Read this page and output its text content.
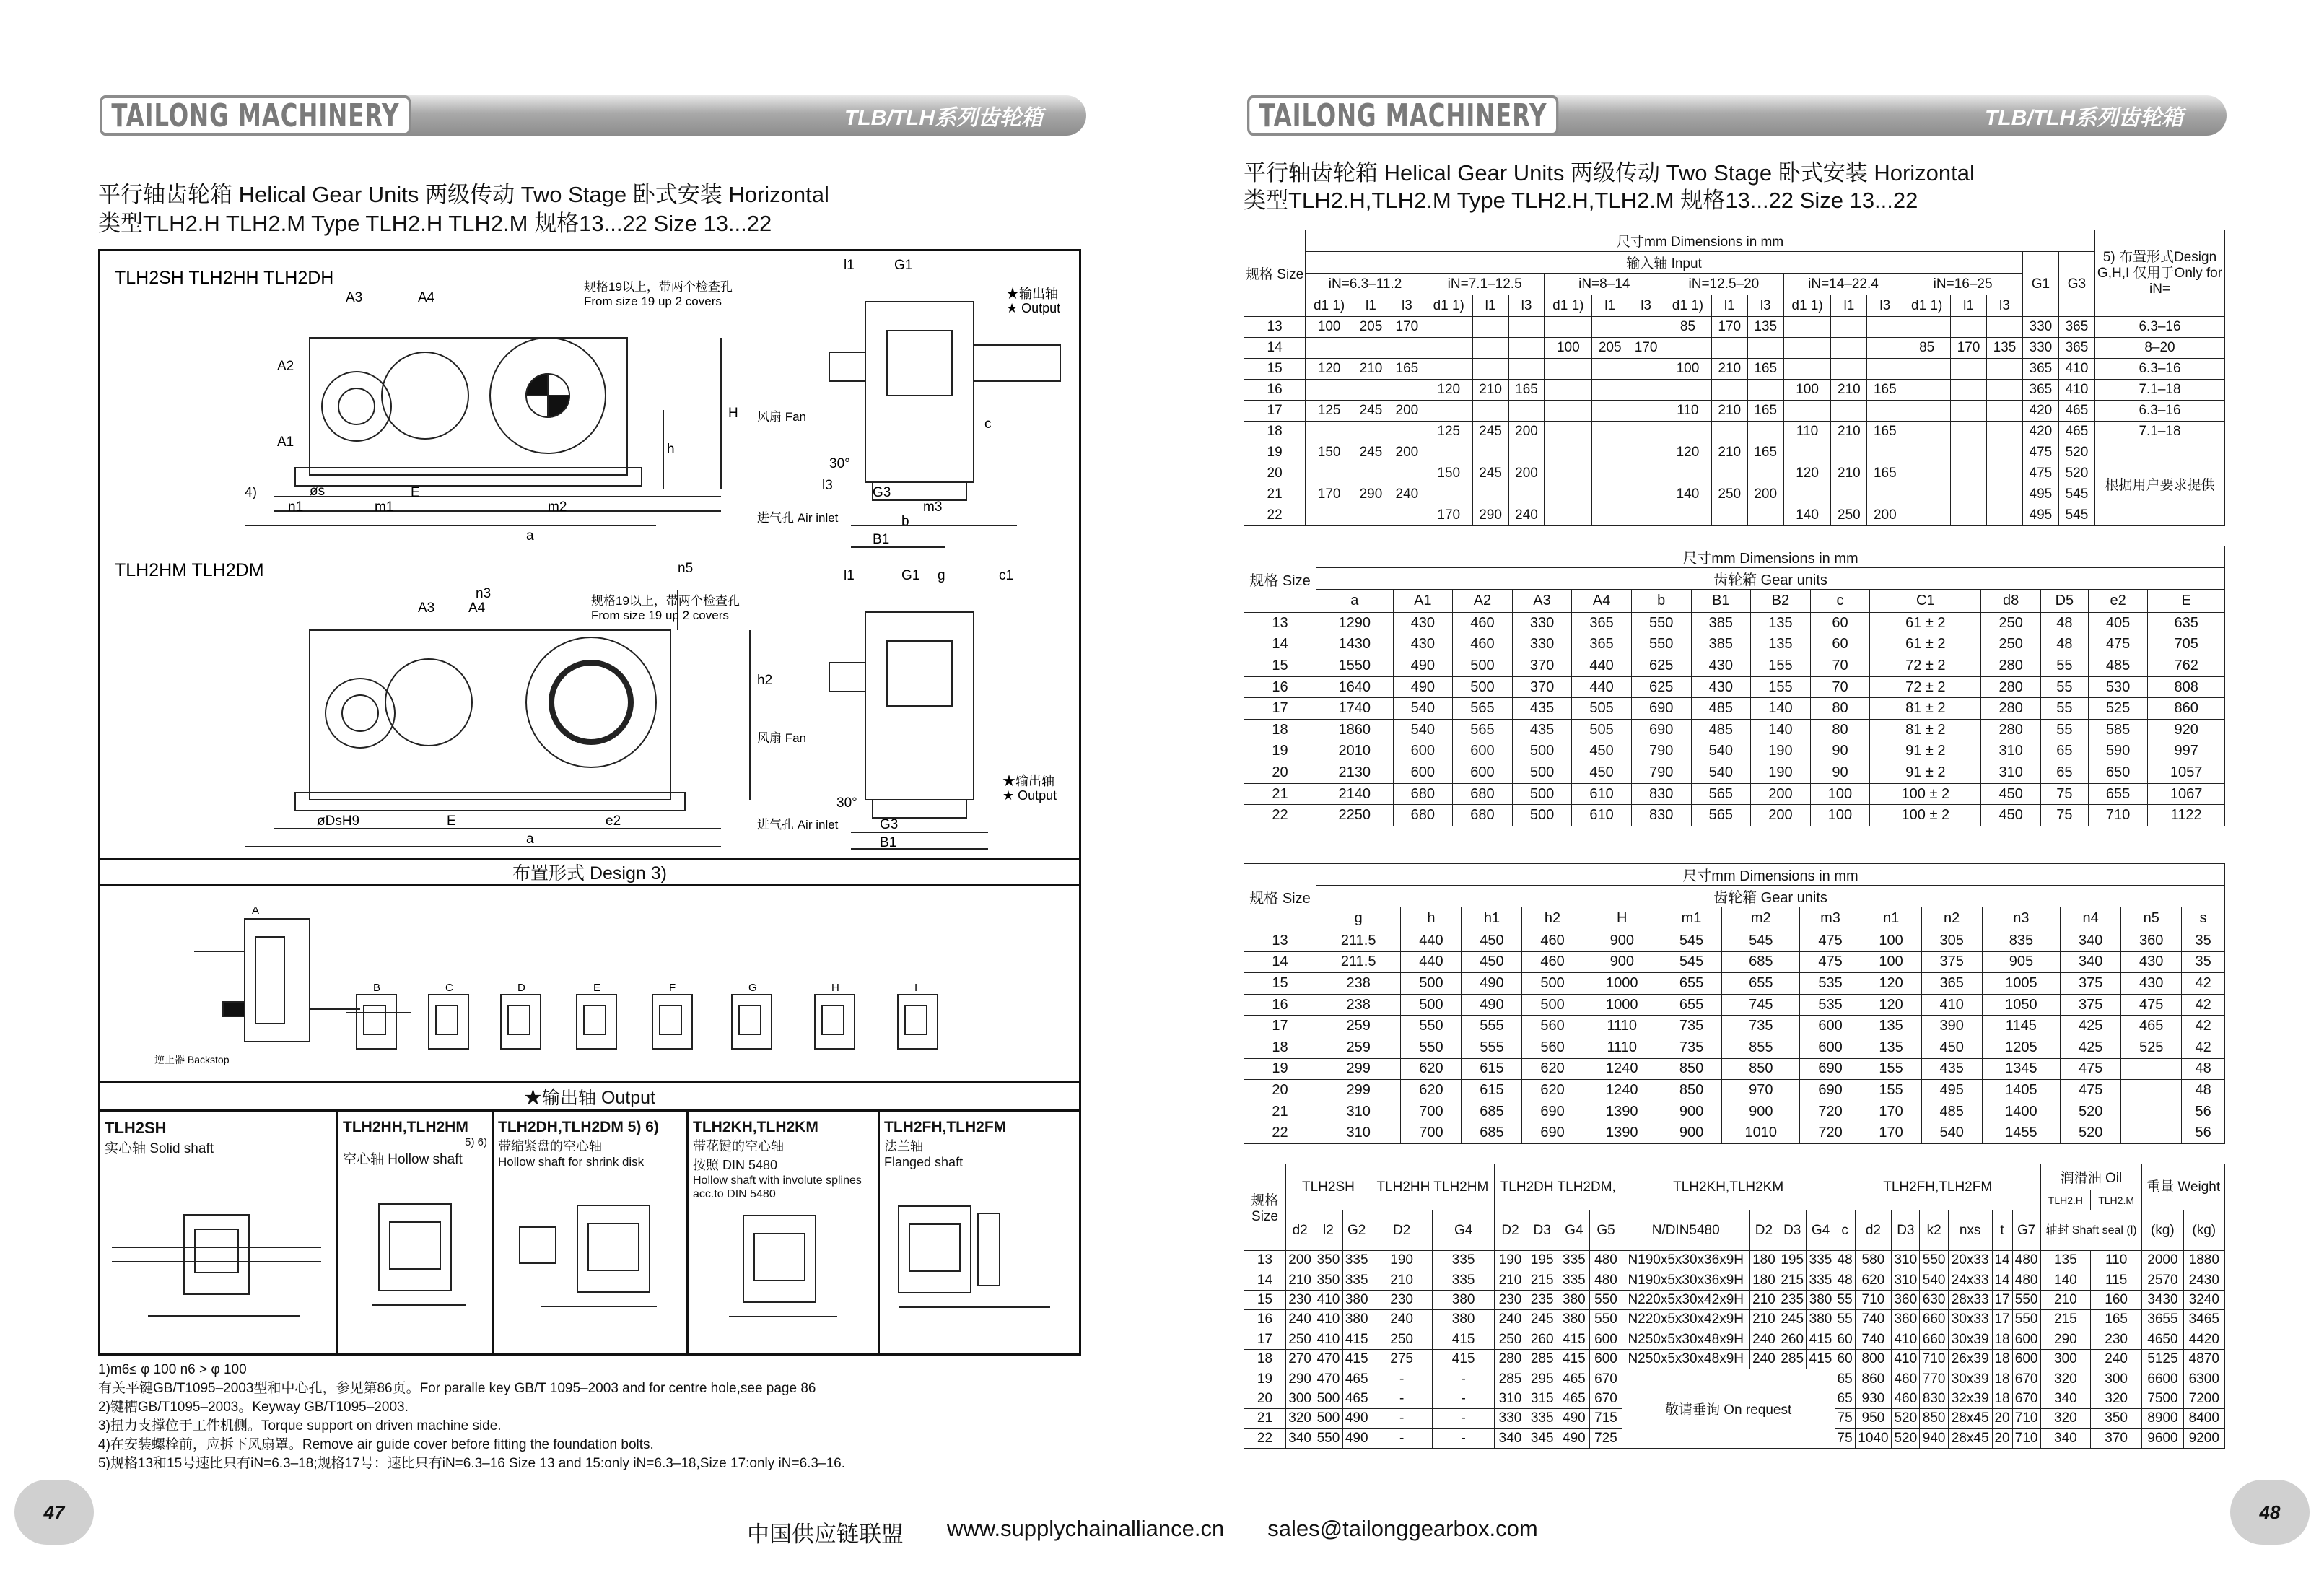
TLB/TLH系列齿轮箱
TAILONG MACHINERY	TLB/TLH系列齿轮箱
TAILONG MACHINERY
平行轴齿轮箱 Helical Gear Units 两级传动 Two Stage 卧式安装 Horizontal
类型TLH2.H TLH2.M Type TLH2.H TLH2.M 规格13...22 Size 13...22
TLH2SH TLH2HH TLH2DH
TLH2HM TLH2DM
规格19以上，带两个检查孔
From size 19 up 2 covers
规格19以上，带两个检查孔
From size 19 up 2 covers
★输出轴
★ Output
★输出轴
★ Output
风扇 Fan
进气孔 Air inlet
风扇 Fan
进气孔 Air inlet
E
m1	m2
n1
a
A3	A4
A2
A1
H
h
øs
4)
G1
l1
G3
B1
b
c
m3
30°
l3
n5
n3
A3 A4
h2
e2
E
a
øDsH9
G1 g	c1
l1
G3
B1
30°
布置形式 Design 3)
A
B	C	D	E	F	G	H	I
逆止器 Backstop
★输出轴 Output
TLH2SH
实心轴 Solid shaft
TLH2HH,TLH2HM
5) 6)
空心轴 Hollow shaft
TLH2DH,TLH2DM 5) 6)
带缩紧盘的空心轴
Hollow shaft for shrink disk
TLH2KH,TLH2KM
带花键的空心轴
按照 DIN 5480
Hollow shaft with involute splines acc.to DIN 5480
TLH2FH,TLH2FM
法兰轴
Flanged shaft
1)m6≤ φ 100 n6 > φ 100
有关平键GB/T1095–2003型和中心孔，参见第86页。For paralle key GB/T 1095–2003 and for centre hole,see page 86
2)键槽GB/T1095–2003。Keyway GB/T1095–2003.
3)扭力支撑位于工件机侧。Torque support on driven machine side.
4)在安装螺栓前，应拆下风扇罩。Remove air guide cover before fitting the foundation bolts.
5)规格13和15号速比只有iN=6.3–18;规格17号：速比只有iN=6.3–16 Size 13 and 15:only iN=6.3–18,Size 17:only iN=6.3–16.
47	48
平行轴齿轮箱 Helical Gear Units 两级传动 Two Stage 卧式安装 Horizontal
类型TLH2.H,TLH2.M Type TLH2.H,TLH2.M 规格13...22 Size 13...22
规格 Size	尺寸mm Dimensions in mm																				5) 布置形式Design G,H,I 仅用于Only for iN=
	输入轴 Input																		G1	G3	
	iN=6.3–11.2			iN=7.1–12.5			iN=8–14			iN=12.5–20			iN=14–22.4			iN=16–25					
	d1 1)	l1	l3	d1 1)	l1	l3	d1 1)	l1	l3	d1 1)	l1	l3	d1 1)	l1	l3	d1 1)	l1	l3			
13	100	205	170							85	170	135							330	365	6.3–16
14							100	205	170							85	170	135	330	365	8–20
15	120	210	165							100	210	165							365	410	6.3–16
16				120	210	165							100	210	165				365	410	7.1–18
17	125	245	200							110	210	165							420	465	6.3–16
18				125	245	200							110	210	165				420	465	7.1–18
19	150	245	200							120	210	165							475	520	根据用户要求提供
20				150	245	200							120	210	165				475	520	
21	170	290	240							140	250	200							495	545	
22				170	290	240							140	250	200				495	545	
规格 Size	尺寸mm Dimensions in mm													
	齿轮箱 Gear units													
	a	A1	A2	A3	A4	b	B1	B2	c	C1	d8	D5	e2	E
13	1290	430	460	330	365	550	385	135	60	61 ± 2	250	48	405	635
14	1430	430	460	330	365	550	385	135	60	61 ± 2	250	48	475	705
15	1550	490	500	370	440	625	430	155	70	72 ± 2	280	55	485	762
16	1640	490	500	370	440	625	430	155	70	72 ± 2	280	55	530	808
17	1740	540	565	435	505	690	485	140	80	81 ± 2	280	55	525	860
18	1860	540	565	435	505	690	485	140	80	81 ± 2	280	55	585	920
19	2010	600	600	500	450	790	540	190	90	91 ± 2	310	65	590	997
20	2130	600	600	500	450	790	540	190	90	91 ± 2	310	65	650	1057
21	2140	680	680	500	610	830	565	200	100	100 ± 2	450	75	655	1067
22	2250	680	680	500	610	830	565	200	100	100 ± 2	450	75	710	1122
规格 Size	尺寸mm Dimensions in mm													
	齿轮箱 Gear units													
	g	h	h1	h2	H	m1	m2	m3	n1	n2	n3	n4	n5	s
13	211.5	440	450	460	900	545	545	475	100	305	835	340	360	35
14	211.5	440	450	460	900	545	685	475	100	375	905	340	430	35
15	238	500	490	500	1000	655	655	535	120	365	1005	375	430	42
16	238	500	490	500	1000	655	745	535	120	410	1050	375	475	42
17	259	550	555	560	1110	735	735	600	135	390	1145	425	465	42
18	259	550	555	560	1110	735	855	600	135	450	1205	425	525	42
19	299	620	615	620	1240	850	850	690	155	435	1345	475		48
20	299	620	615	620	1240	850	970	690	155	495	1405	475		48
21	310	700	685	690	1390	900	900	720	170	485	1400	520		56
22	310	700	685	690	1390	900	1010	720	170	540	1455	520		56
规格 Size	TLH2SH			TLH2HH TLH2HM		TLH2DH TLH2DM,				TLH2KH,TLH2KM				TLH2FH,TLH2FM							润滑油 Oil		重量 Weight	
																					TLH2.H	TLH2.M		
	d2	l2	G2	D2	G4	D2	D3	G4	G5	N/DIN5480	D2	D3	G4	c	d2	D3	k2	nxs	t	G7	轴封 Shaft seal (l)		(kg)	(kg)
13	200	350	335	190	335	190	195	335	480	N190x5x30x36x9H	180	195	335	48	580	310	550	20x33	14	480	135	110	2000	1880
14	210	350	335	210	335	210	215	335	480	N190x5x30x36x9H	180	215	335	48	620	310	540	24x33	14	480	140	115	2570	2430
15	230	410	380	230	380	230	235	380	550	N220x5x30x42x9H	210	235	380	55	710	360	630	28x33	17	550	210	160	3430	3240
16	240	410	380	240	380	240	245	380	550	N220x5x30x42x9H	210	245	380	55	740	360	660	30x33	17	550	215	165	3655	3465
17	250	410	415	250	415	250	260	415	600	N250x5x30x48x9H	240	260	415	60	740	410	660	30x39	18	600	290	230	4650	4420
18	270	470	415	275	415	280	285	415	600	N250x5x30x48x9H	240	285	415	60	800	410	710	26x39	18	600	300	240	5125	4870
19	290	470	465	-	-	285	295	465	670	敬请垂询 On request				65	860	460	770	30x39	18	670	320	300	6600	6300
20	300	500	465	-	-	310	315	465	670					65	930	460	830	32x39	18	670	340	320	7500	7200
21	320	500	490	-	-	330	335	490	715					75	950	520	850	28x45	20	710	320	350	8900	8400
22	340	550	490	-	-	340	345	490	725					75	1040	520	940	28x45	20	710	340	370	9600	9200
中国供应链联盟 www.supplychainalliance.cn sales@tailonggearbox.com
